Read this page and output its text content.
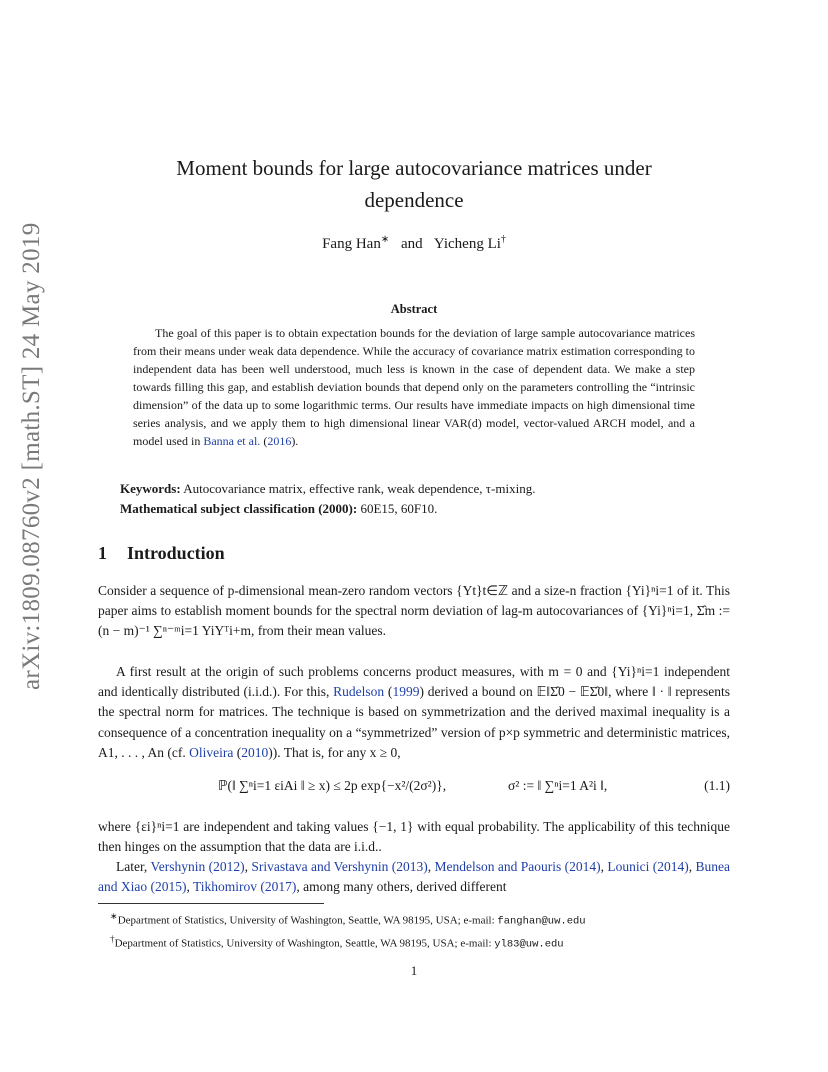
arXiv:1809.08760v2 [math.ST] 24 May 2019
Moment bounds for large autocovariance matrices under
dependence
Fang Han∗ and Yicheng Li†
Abstract
The goal of this paper is to obtain expectation bounds for the deviation of large sample autocovariance matrices from their means under weak data dependence. While the accuracy of covariance matrix estimation corresponding to independent data has been well understood, much less is known in the case of dependent data. We make a step towards filling this gap, and establish deviation bounds that depend only on the parameters controlling the “intrinsic dimension” of the data up to some logarithmic terms. Our results have immediate impacts on high dimensional time series analysis, and we apply them to high dimensional linear VAR(d) model, vector-valued ARCH model, and a model used in Banna et al. (2016).
Keywords: Autocovariance matrix, effective rank, weak dependence, τ-mixing.
Mathematical subject classification (2000): 60E15, 60F10.
1 Introduction
Consider a sequence of p-dimensional mean-zero random vectors {Yt}t∈ℤ and a size-n fraction {Yi}ⁿi=1 of it. This paper aims to establish moment bounds for the spectral norm deviation of lag-m autocovariances of {Yi}ⁿi=1, Σ̂m := (n − m)⁻¹ ∑ⁿ⁻ᵐi=1 YiYᵀi+m, from their mean values.
A first result at the origin of such problems concerns product measures, with m = 0 and {Yi}ⁿi=1 independent and identically distributed (i.i.d.). For this, Rudelson (1999) derived a bound on 𝔼‖Σ̂0 − 𝔼Σ̂0‖, where ‖ · ‖ represents the spectral norm for matrices. The technique is based on symmetrization and the derived maximal inequality is a consequence of a concentration inequality on a “symmetrized” version of p×p symmetric and deterministic matrices, A1, . . . , An (cf. Oliveira (2010)). That is, for any x ≥ 0,
ℙ(‖ ∑ⁿi=1 εiAi ‖ ≥ x) ≤ 2p exp{−x²/(2σ²)},	σ² := ‖ ∑ⁿi=1 A²i ‖,	(1.1)
where {εi}ⁿi=1 are independent and taking values {−1, 1} with equal probability. The applicability of this technique then hinges on the assumption that the data are i.i.d..
Later, Vershynin (2012), Srivastava and Vershynin (2013), Mendelson and Paouris (2014), Lounici (2014), Bunea and Xiao (2015), Tikhomirov (2017), among many others, derived different
∗Department of Statistics, University of Washington, Seattle, WA 98195, USA; e-mail: fanghan@uw.edu
†Department of Statistics, University of Washington, Seattle, WA 98195, USA; e-mail: yl83@uw.edu
1
